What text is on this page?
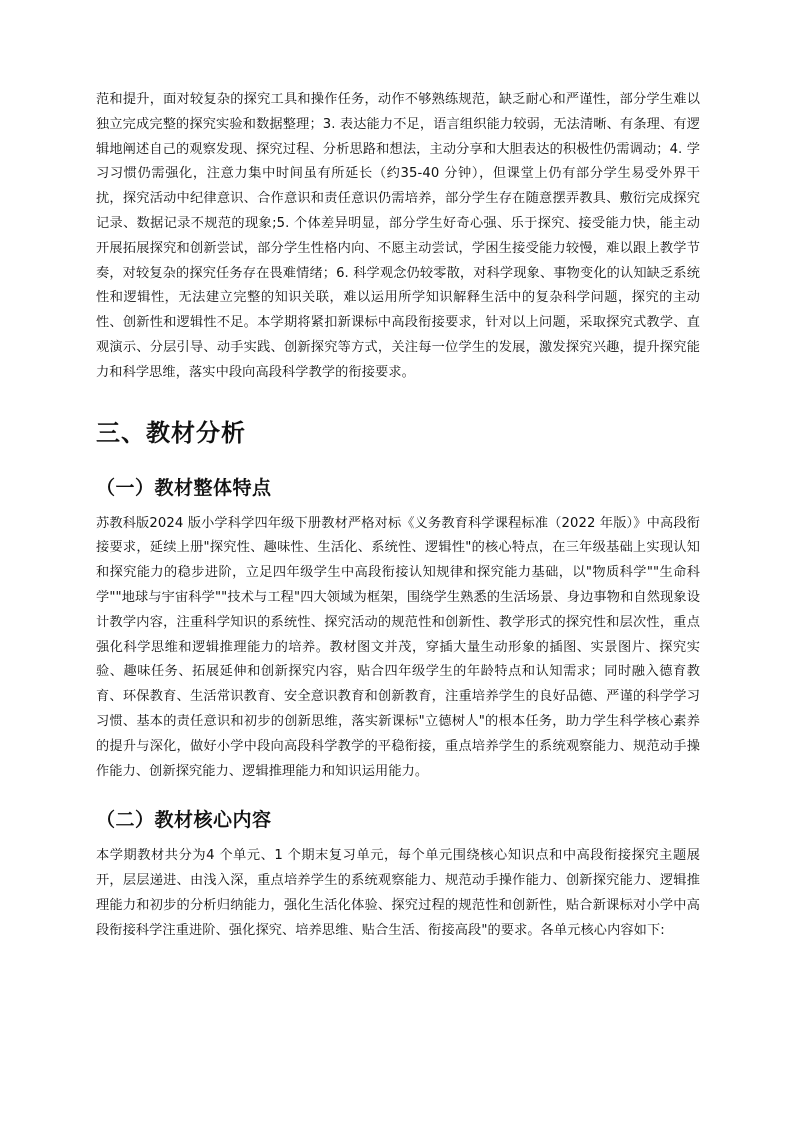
范和提升，面对较复杂的探究工具和操作任务，动作不够熟练规范，缺乏耐心和严谨性，部分学生难以独立完成完整的探究实验和数据整理；3. 表达能力不足，语言组织能力较弱，无法清晰、有条理、有逻辑地阐述自己的观察发现、探究过程、分析思路和想法，主动分享和大胆表达的积极性仍需调动；4. 学习习惯仍需强化，注意力集中时间虽有所延长（约35-40 分钟），但课堂上仍有部分学生易受外界干扰，探究活动中纪律意识、合作意识和责任意识仍需培养，部分学生存在随意摆弄教具、敷衍完成探究记录、数据记录不规范的现象;5. 个体差异明显，部分学生好奇心强、乐于探究、接受能力快，能主动开展拓展探究和创新尝试，部分学生性格内向、不愿主动尝试，学困生接受能力较慢，难以跟上教学节奏，对较复杂的探究任务存在畏难情绪；6. 科学观念仍较零散，对科学现象、事物变化的认知缺乏系统性和逻辑性，无法建立完整的知识关联，难以运用所学知识解释生活中的复杂科学问题，探究的主动性、创新性和逻辑性不足。本学期将紧扣新课标中高段衔接要求，针对以上问题，采取探究式教学、直观演示、分层引导、动手实践、创新探究等方式，关注每一位学生的发展，激发探究兴趣，提升探究能力和科学思维，落实中段向高段科学教学的衔接要求。

三、教材分析
（一）教材整体特点

苏教科版2024 版小学科学四年级下册教材严格对标《义务教育科学课程标准（2022 年版）》中高段衔接要求，延续上册"探究性、趣味性、生活化、系统性、逻辑性"的核心特点，在三年级基础上实现认知和探究能力的稳步进阶，立足四年级学生中高段衔接认知规律和探究能力基础，以"物质科学""生命科学""地球与宇宙科学""技术与工程"四大领域为框架，围绕学生熟悉的生活场景、身边事物和自然现象设计教学内容，注重科学知识的系统性、探究活动的规范性和创新性、教学形式的探究性和层次性，重点强化科学思维和逻辑推理能力的培养。教材图文并茂，穿插大量生动形象的插图、实景图片、探究实验、趣味任务、拓展延伸和创新探究内容，贴合四年级学生的年龄特点和认知需求；同时融入德育教育、环保教育、生活常识教育、安全意识教育和创新教育，注重培养学生的良好品德、严谨的科学学习习惯、基本的责任意识和初步的创新思维，落实新课标"立德树人"的根本任务，助力学生科学核心素养的提升与深化，做好小学中段向高段科学教学的平稳衔接，重点培养学生的系统观察能力、规范动手操作能力、创新探究能力、逻辑推理能力和知识运用能力。

（二）教材核心内容

本学期教材共分为4 个单元、1 个期末复习单元，每个单元围绕核心知识点和中高段衔接探究主题展开，层层递进、由浅入深，重点培养学生的系统观察能力、规范动手操作能力、创新探究能力、逻辑推理能力和初步的分析归纳能力，强化生活化体验、探究过程的规范性和创新性，贴合新课标对小学中高段衔接科学注重进阶、强化探究、培养思维、贴合生活、衔接高段"的要求。各单元核心内容如下:
